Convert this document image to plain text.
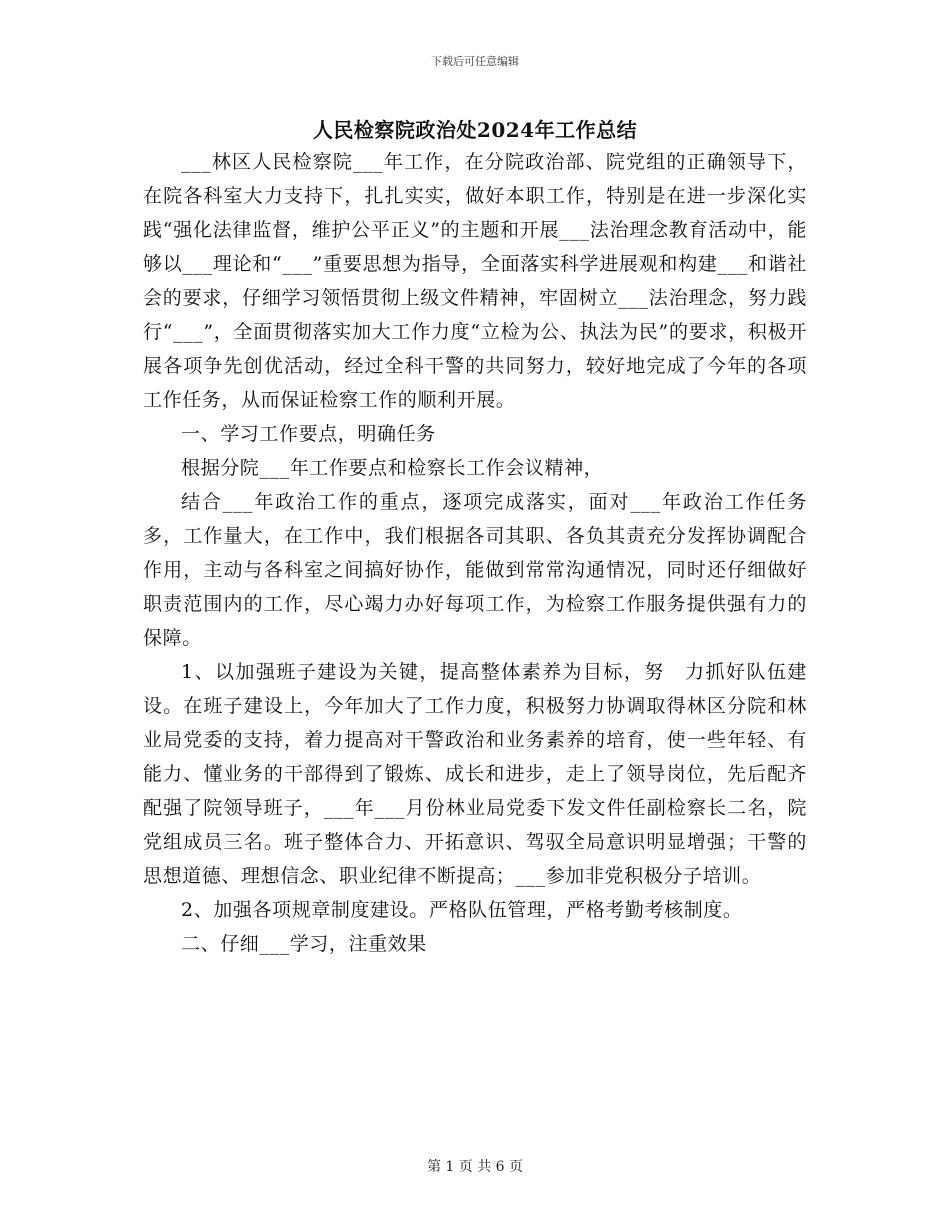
下载后可任意编辑
人民检察院政治处2024年工作总结

___林区人民检察院___年工作，在分院政治部、院党组的正确领导下，在院各科室大力支持下，扎扎实实，做好本职工作，特别是在进一步深化实践“强化法律监督，维护公平正义”的主题和开展___法治理念教育活动中，能够以___理论和“___”重要思想为指导，全面落实科学进展观和构建___和谐社会的要求，仔细学习领悟贯彻上级文件精神，牢固树立___法治理念，努力践行“___”，全面贯彻落实加大工作力度“立检为公、执法为民”的要求，积极开展各项争先创优活动，经过全科干警的共同努力，较好地完成了今年的各项工作任务，从而保证检察工作的顺利开展。

一、学习工作要点，明确任务

根据分院___年工作要点和检察长工作会议精神，

结合___年政治工作的重点，逐项完成落实，面对___年政治工作任务多，工作量大，在工作中，我们根据各司其职、各负其责充分发挥协调配合作用，主动与各科室之间搞好协作，能做到常常沟通情况，同时还仔细做好职责范围内的工作，尽心竭力办好每项工作，为检察工作服务提供强有力的保障。

1、以加强班子建设为关键，提高整体素养为目标，努　力抓好队伍建设。在班子建设上，今年加大了工作力度，积极努力协调取得林区分院和林业局党委的支持，着力提高对干警政治和业务素养的培育，使一些年轻、有能力、懂业务的干部得到了锻炼、成长和进步，走上了领导岗位，先后配齐配强了院领导班子，___年___月份林业局党委下发文件任副检察长二名，院党组成员三名。班子整体合力、开拓意识、驾驭全局意识明显增强；干警的思想道德、理想信念、职业纪律不断提高；___参加非党积极分子培训。

2、加强各项规章制度建设。严格队伍管理，严格考勤考核制度。

二、仔细___学习，注重效果

第 1 页 共 6 页
